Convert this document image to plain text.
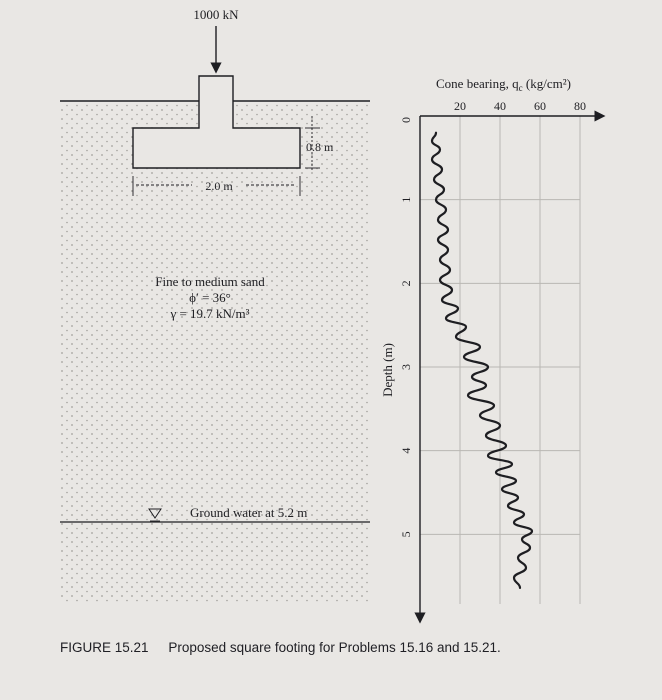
1000 kN
0.8 m
2.0 m
Fine to medium sand
ϕ′ = 36°
γ = 19.7 kN/m³
Ground water at 5.2 m
Cone bearing, $q_c$ (kg/cm²)
Depth (m)
20 40 60 80
0
1
2
3
4
5
FIGURE 15.21 Proposed square footing for Problems 15.16 and 15.21.
